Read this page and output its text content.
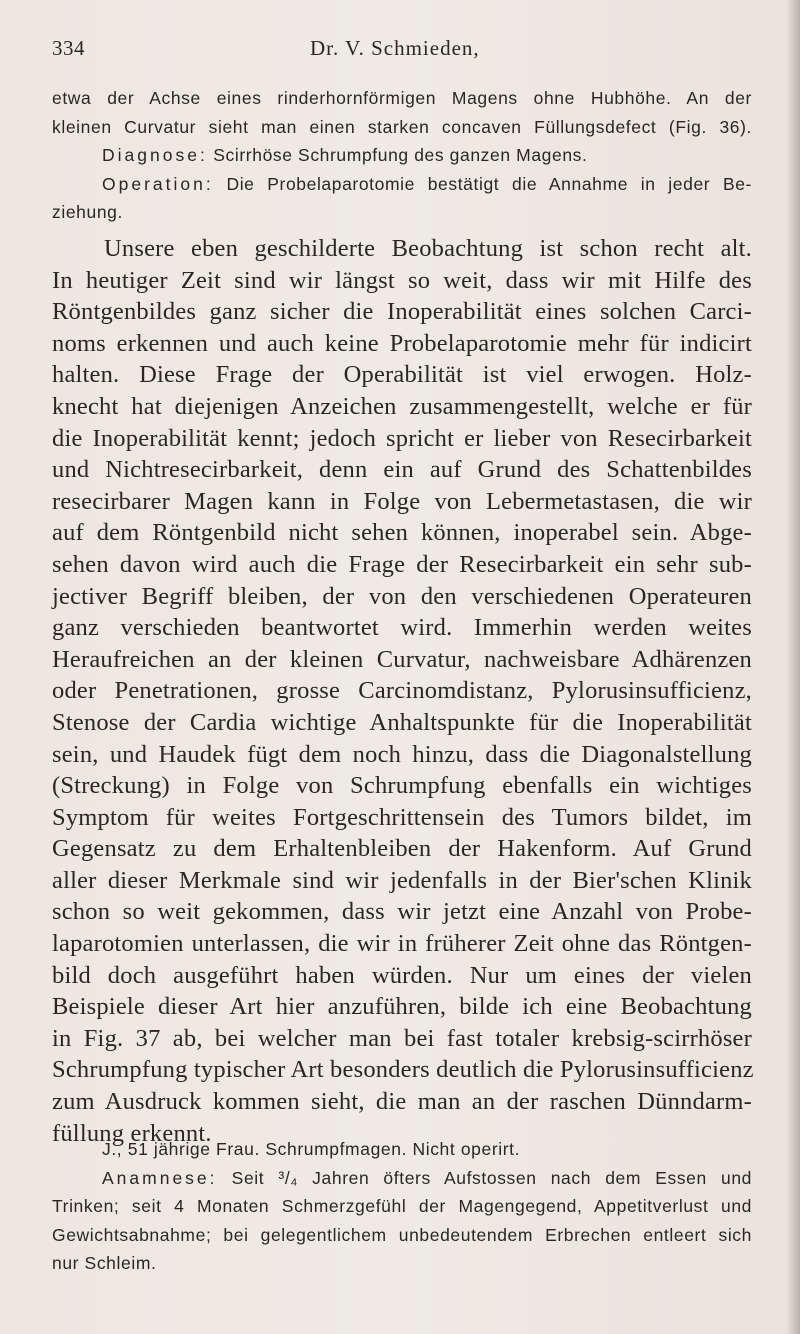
334	Dr. V. Schmieden,
etwa der Achse eines rinderhornförmigen Magens ohne Hubhöhe. An der
kleinen Curvatur sieht man einen starken concaven Füllungsdefect (Fig. 36).
Diagnose: Scirrhöse Schrumpfung des ganzen Magens.
Operation: Die Probelaparotomie bestätigt die Annahme in jeder Be-
ziehung.
Unsere eben geschilderte Beobachtung ist schon recht alt.
In heutiger Zeit sind wir längst so weit, dass wir mit Hilfe des
Röntgenbildes ganz sicher die Inoperabilität eines solchen Carci-
noms erkennen und auch keine Probelaparotomie mehr für indicirt
halten. Diese Frage der Operabilität ist viel erwogen. Holz-
knecht hat diejenigen Anzeichen zusammengestellt, welche er für
die Inoperabilität kennt; jedoch spricht er lieber von Resecirbarkeit
und Nichtresecirbarkeit, denn ein auf Grund des Schattenbildes
resecirbarer Magen kann in Folge von Lebermetastasen, die wir
auf dem Röntgenbild nicht sehen können, inoperabel sein. Abge-
sehen davon wird auch die Frage der Resecirbarkeit ein sehr sub-
jectiver Begriff bleiben, der von den verschiedenen Operateuren
ganz verschieden beantwortet wird. Immerhin werden weites
Heraufreichen an der kleinen Curvatur, nachweisbare Adhärenzen
oder Penetrationen, grosse Carcinomdistanz, Pylorusinsufficienz,
Stenose der Cardia wichtige Anhaltspunkte für die Inoperabilität
sein, und Haudek fügt dem noch hinzu, dass die Diagonalstellung
(Streckung) in Folge von Schrumpfung ebenfalls ein wichtiges
Symptom für weites Fortgeschrittensein des Tumors bildet, im
Gegensatz zu dem Erhaltenbleiben der Hakenform. Auf Grund
aller dieser Merkmale sind wir jedenfalls in der Bier'schen Klinik
schon so weit gekommen, dass wir jetzt eine Anzahl von Probe-
laparotomien unterlassen, die wir in früherer Zeit ohne das Röntgen-
bild doch ausgeführt haben würden. Nur um eines der vielen
Beispiele dieser Art hier anzuführen, bilde ich eine Beobachtung
in Fig. 37 ab, bei welcher man bei fast totaler krebsig-scirrhöser
Schrumpfung typischer Art besonders deutlich die Pylorusinsufficienz
zum Ausdruck kommen sieht, die man an der raschen Dünndarm-
füllung erkennt.
J., 51 jährige Frau. Schrumpfmagen. Nicht operirt.
Anamnese: Seit ³/₄ Jahren öfters Aufstossen nach dem Essen und
Trinken; seit 4 Monaten Schmerzgefühl der Magengegend, Appetitverlust und
Gewichtsabnahme; bei gelegentlichem unbedeutendem Erbrechen entleert sich
nur Schleim.
